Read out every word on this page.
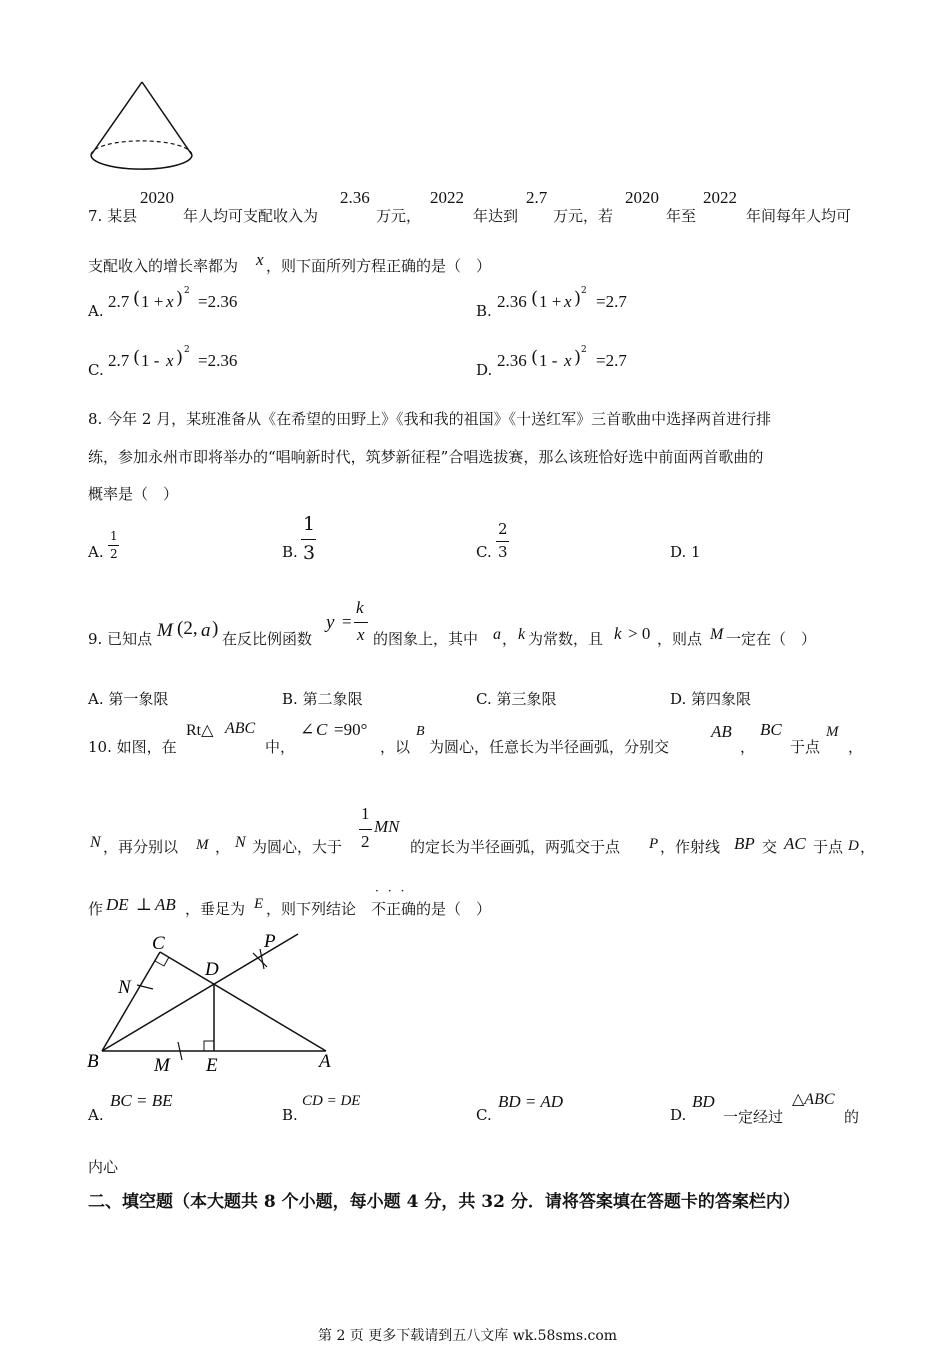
7. 某县
2020
年人均可支配收入为
2.36
万元，
2022
年达到
2.7
万元，若
2020
年至
2022
年间每年人均可
支配收入的增长率都为 x ，则下面所列方程正确的是（　）
A. 2.7 ( 1 + x ) 2
=2.36	B. 2.36 ( 1 + x ) 2
=2.7
C. 2.7 ( 1 - x ) 2
=2.36	D. 2.36 ( 1 - x ) 2
=2.7
8. 今年 2 月，某班准备从《在希望的田野上》《我和我的祖国》《十送红军》三首歌曲中选择两首进行排
练，参加永州市即将举办的“唱响新时代，筑梦新征程”合唱选拔赛，那么该班恰好选中前面两首歌曲的
概率是（　）
A.
1
2	B.
1
3	C.
2
3	D. 1
9. 已知点 M (2, a ) 在反比例函数
y =
k
x 的图象上，其中 a ， k 为常数，且 k > 0 ，则点 M 一定在（　）
A. 第一象限	B. 第二象限	C. 第三象限	D. 第四象限
10. 如图，在
Rt△ ABC
中，
∠ C =90°
，以
B
为圆心，任意长为半径画弧，分别交
AB
，
BC
于点
M
，
N ，再分别以 M ， N 为圆心，大于
1
2
MN
的定长为半径画弧，两弧交于点 P ，作射线 BP 交 AC 于点 D ，
作 DE ⊥ AB ，垂足为 E ，则下列结论 不正确
···
的是（　）
C	P
N
D
B	M E	A
A.
BC = BE
B.
CD = DE
C.
BD = AD
D.
BD
一定经过
△ABC
的
内心
二、填空题（本大题共 8 个小题，每小题 4 分，共 32 分．请将答案填在答题卡的答案栏内）
第 2 页 更多下载请到五八文库 wk.58sms.com
